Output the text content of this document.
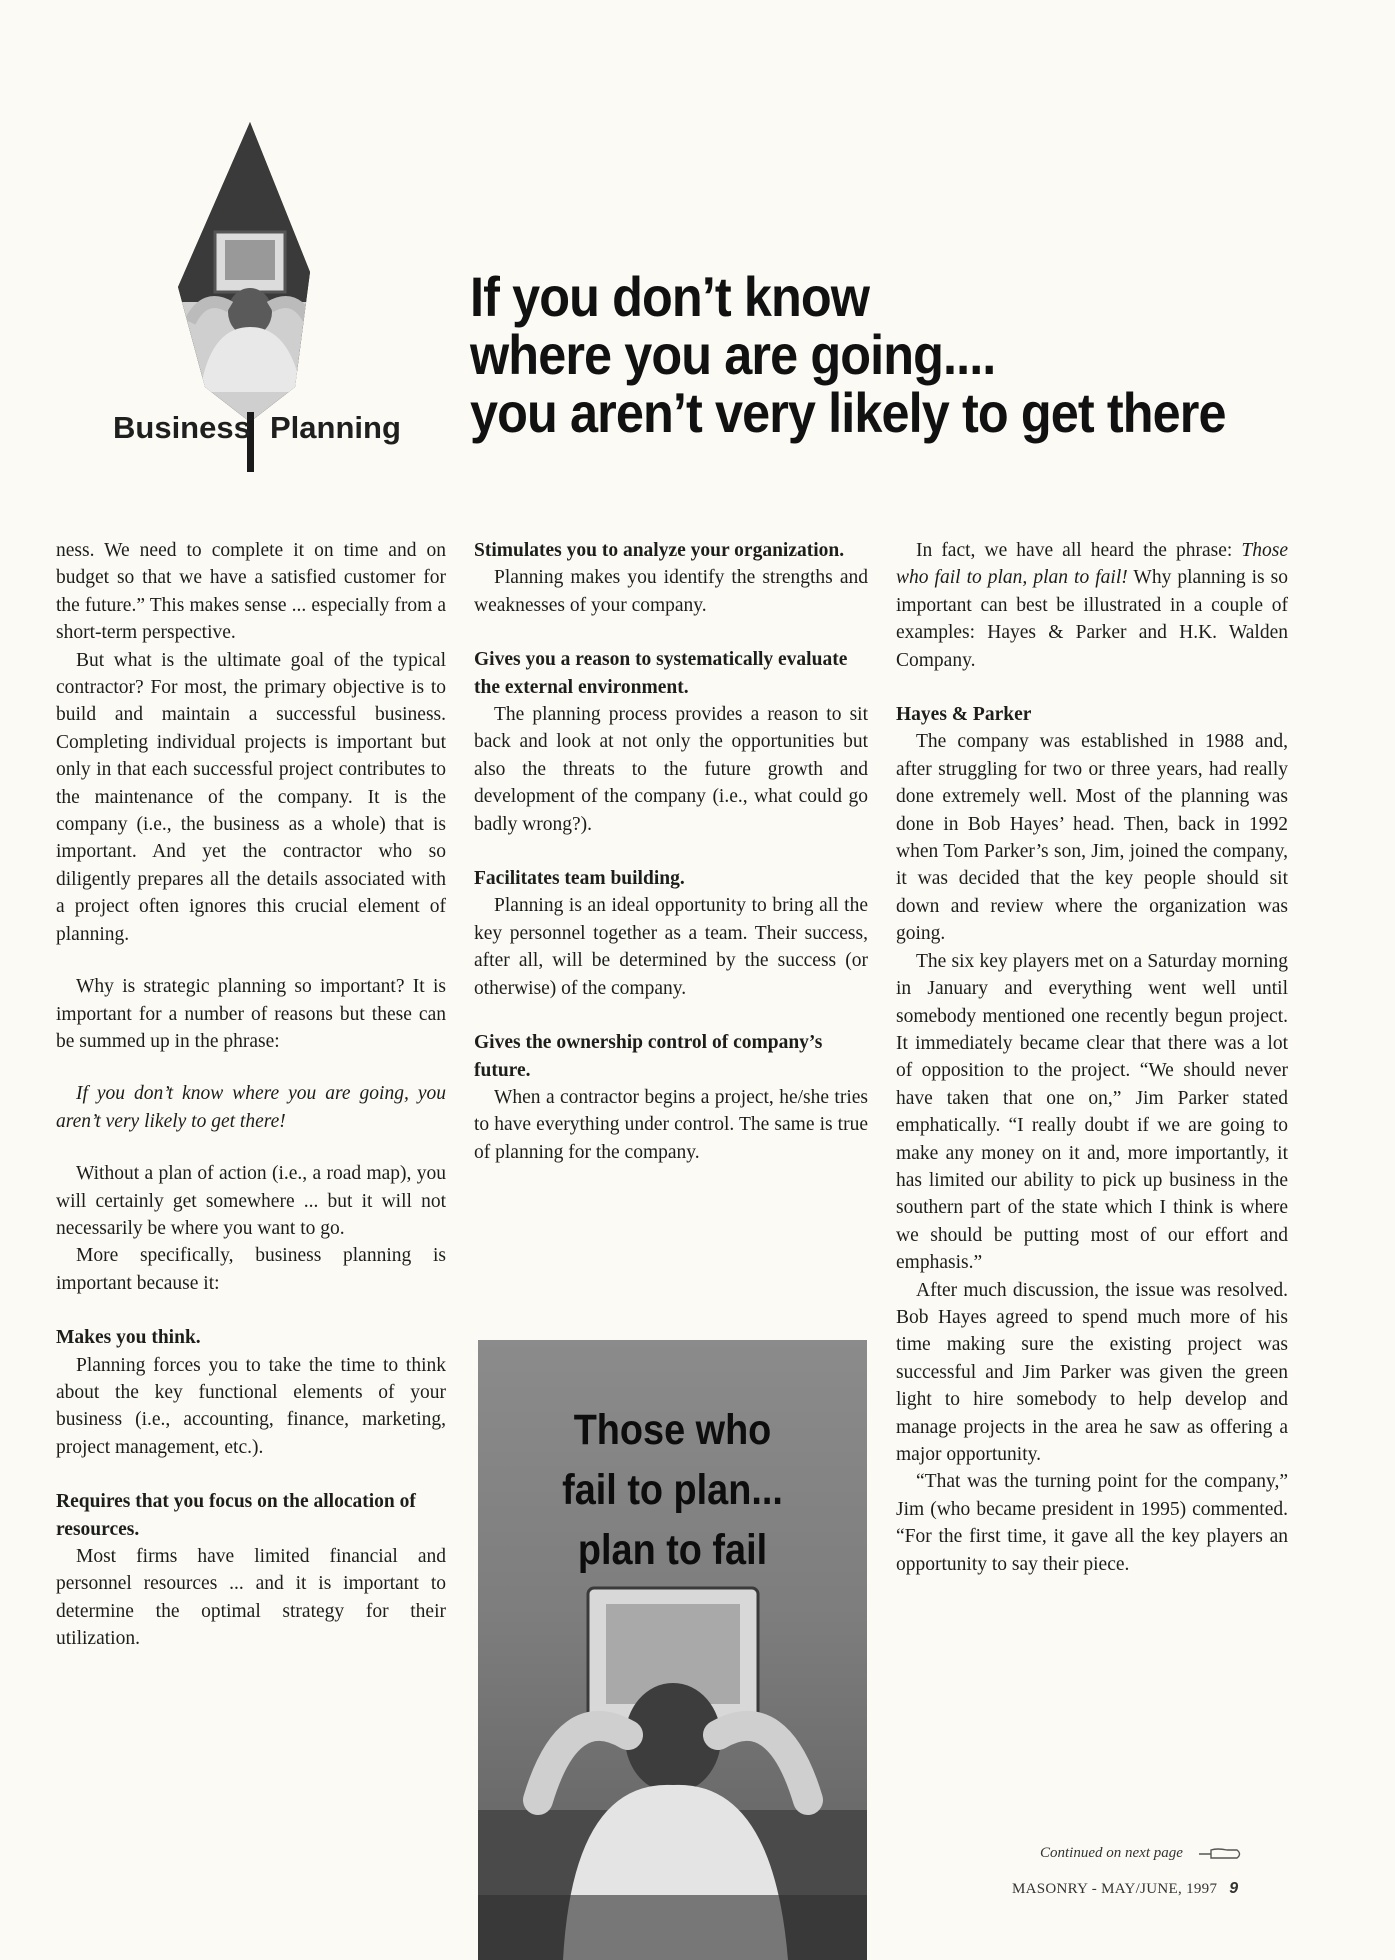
Business Planning
If you don’t know
where you are going....
you aren’t very likely to get there

ness. We need to complete it on time and on budget so that we have a satisfied customer for the future.” This makes sense ... especially from a short-term perspective.

But what is the ultimate goal of the typical contractor? For most, the primary objective is to build and maintain a successful business. Completing individual projects is important but only in that each successful project contributes to the maintenance of the company. It is the company (i.e., the business as a whole) that is important. And yet the contractor who so diligently prepares all the details associated with a project often ignores this crucial element of planning.

Why is strategic planning so important? It is important for a number of reasons but these can be summed up in the phrase:

If you don’t know where you are going, you aren’t very likely to get there!

Without a plan of action (i.e., a road map), you will certainly get somewhere ... but it will not necessarily be where you want to go.

More specifically, business planning is important because it:

Makes you think.

Planning forces you to take the time to think about the key functional elements of your business (i.e., accounting, finance, marketing, project management, etc.).

Requires that you focus on the allocation of resources.

Most firms have limited financial and personnel resources ... and it is important to determine the optimal strategy for their utilization.

Stimulates you to analyze your organization.

Planning makes you identify the strengths and weaknesses of your company.

Gives you a reason to systematically evaluate the external environment.

The planning process provides a reason to sit back and look at not only the opportunities but also the threats to the future growth and development of the company (i.e., what could go badly wrong?).

Facilitates team building.

Planning is an ideal opportunity to bring all the key personnel together as a team. Their success, after all, will be determined by the success (or otherwise) of the company.

Gives the ownership control of company’s future.

When a contractor begins a project, he/she tries to have everything under control. The same is true of planning for the company.

Those who
fail to plan...
plan to fail

In fact, we have all heard the phrase: Those who fail to plan, plan to fail! Why planning is so important can best be illustrated in a couple of examples: Hayes & Parker and H.K. Walden Company.

Hayes & Parker

The company was established in 1988 and, after struggling for two or three years, had really done extremely well. Most of the planning was done in Bob Hayes’ head. Then, back in 1992 when Tom Parker’s son, Jim, joined the company, it was decided that the key people should sit down and review where the organization was going.

The six key players met on a Saturday morning in January and everything went well until somebody mentioned one recently begun project. It immediately became clear that there was a lot of opposition to the project. “We should never have taken that one on,” Jim Parker stated emphatically. “I really doubt if we are going to make any money on it and, more importantly, it has limited our ability to pick up business in the southern part of the state which I think is where we should be putting most of our effort and emphasis.”

After much discussion, the issue was resolved. Bob Hayes agreed to spend much more of his time making sure the existing project was successful and Jim Parker was given the green light to hire somebody to help develop and manage projects in the area he saw as offering a major opportunity.

“That was the turning point for the company,” Jim (who became president in 1995) commented. “For the first time, it gave all the key players an opportunity to say their piece.

Continued on next page
MASONRY - MAY/JUNE, 1997 9
